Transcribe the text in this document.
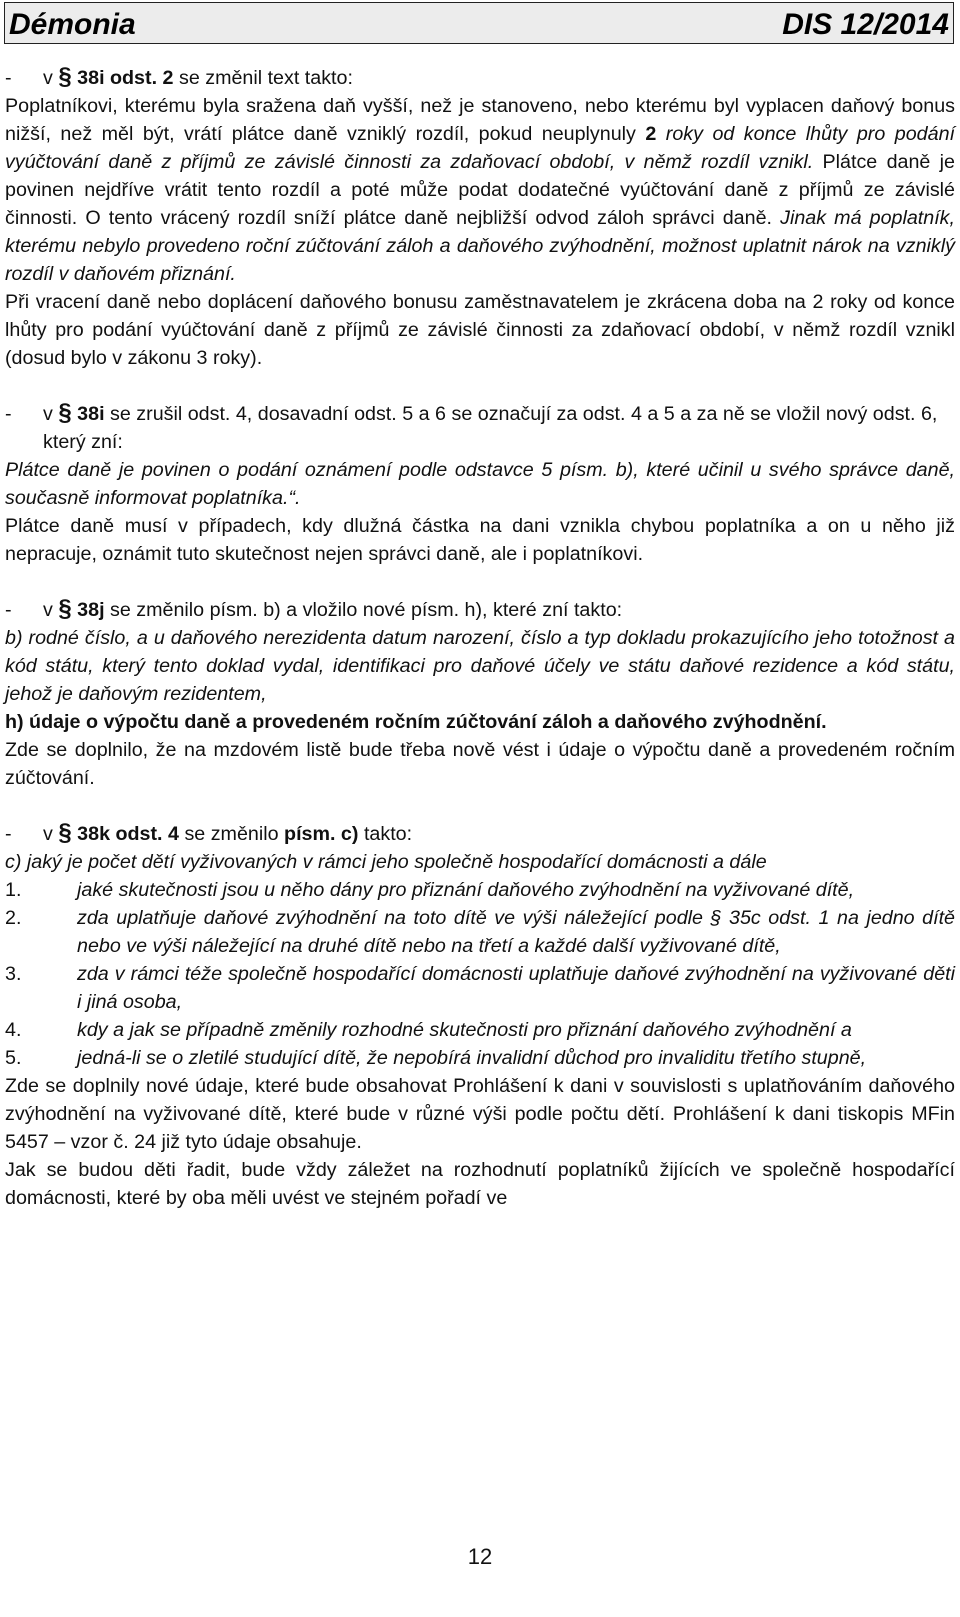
Démonia	DIS 12/2014
-	v § 38i odst. 2 se změnil text takto:

Poplatníkovi, kterému byla sražena daň vyšší, než je stanoveno, nebo kterému byl vyplacen daňový bonus nižší, než měl být, vrátí plátce daně vzniklý rozdíl, pokud neuplynuly 2 roky od konce lhůty pro podání vyúčtování daně z příjmů ze závislé činnosti za zdaňovací období, v němž rozdíl vznikl. Plátce daně je povinen nejdříve vrátit tento rozdíl a poté může podat dodatečné vyúčtování daně z příjmů ze závislé činnosti. O tento vrácený rozdíl sníží plátce daně nejbližší odvod záloh správci daně. Jinak má poplatník, kterému nebylo provedeno roční zúčtování záloh a daňového zvýhodnění, možnost uplatnit nárok na vzniklý rozdíl v daňovém přiznání.

Při vracení daně nebo doplácení daňového bonusu zaměstnavatelem je zkrácena doba na 2 roky od konce lhůty pro podání vyúčtování daně z příjmů ze závislé činnosti za zdaňovací období, v němž rozdíl vznikl (dosud bylo v zákonu 3 roky).

-	v § 38i se zrušil odst. 4, dosavadní odst. 5 a 6 se označují za odst. 4 a 5 a za ně se vložil nový odst. 6, který zní:

Plátce daně je povinen o podání oznámení podle odstavce 5 písm. b), které učinil u svého správce daně, současně informovat poplatníka.“.

Plátce daně musí v případech, kdy dlužná částka na dani vznikla chybou poplatníka a on u něho již nepracuje, oznámit tuto skutečnost nejen správci daně, ale i poplatníkovi.

-	v § 38j se změnilo písm. b) a vložilo nové písm. h), které zní takto:

b) rodné číslo, a u daňového nerezidenta datum narození, číslo a typ dokladu prokazujícího jeho totožnost a kód státu, který tento doklad vydal, identifikaci pro daňové účely ve státu daňové rezidence a kód státu, jehož je daňovým rezidentem,

h) údaje o výpočtu daně a provedeném ročním zúčtování záloh a daňového zvýhodnění.

Zde se doplnilo, že na mzdovém listě bude třeba nově vést i údaje o výpočtu daně a provedeném ročním zúčtování.

-	v § 38k odst. 4 se změnilo písm. c) takto:

c) jaký je počet dětí vyživovaných v rámci jeho společně hospodařící domácnosti a dále

1.	jaké skutečnosti jsou u něho dány pro přiznání daňového zvýhodnění na vyživované dítě,
2.	zda uplatňuje daňové zvýhodnění na toto dítě ve výši náležející podle § 35c odst. 1 na jedno dítě nebo ve výši náležející na druhé dítě nebo na třetí a každé další vyživované dítě,
3.	zda v rámci téže společně hospodařící domácnosti uplatňuje daňové zvýhodnění na vyživované děti i jiná osoba,
4.	kdy a jak se případně změnily rozhodné skutečnosti pro přiznání daňového zvýhodnění a
5.	jedná-li se o zletilé studující dítě, že nepobírá invalidní důchod pro invaliditu třetího stupně,

Zde se doplnily nové údaje, které bude obsahovat Prohlášení k dani v souvislosti s uplatňováním daňového zvýhodnění na vyživované dítě, které bude v různé výši podle počtu dětí. Prohlášení k dani tiskopis MFin 5457 – vzor č. 24 již tyto údaje obsahuje.

Jak se budou děti řadit, bude vždy záležet na rozhodnutí poplatníků žijících ve společně hospodařící domácnosti, které by oba měli uvést ve stejném pořadí ve

12
